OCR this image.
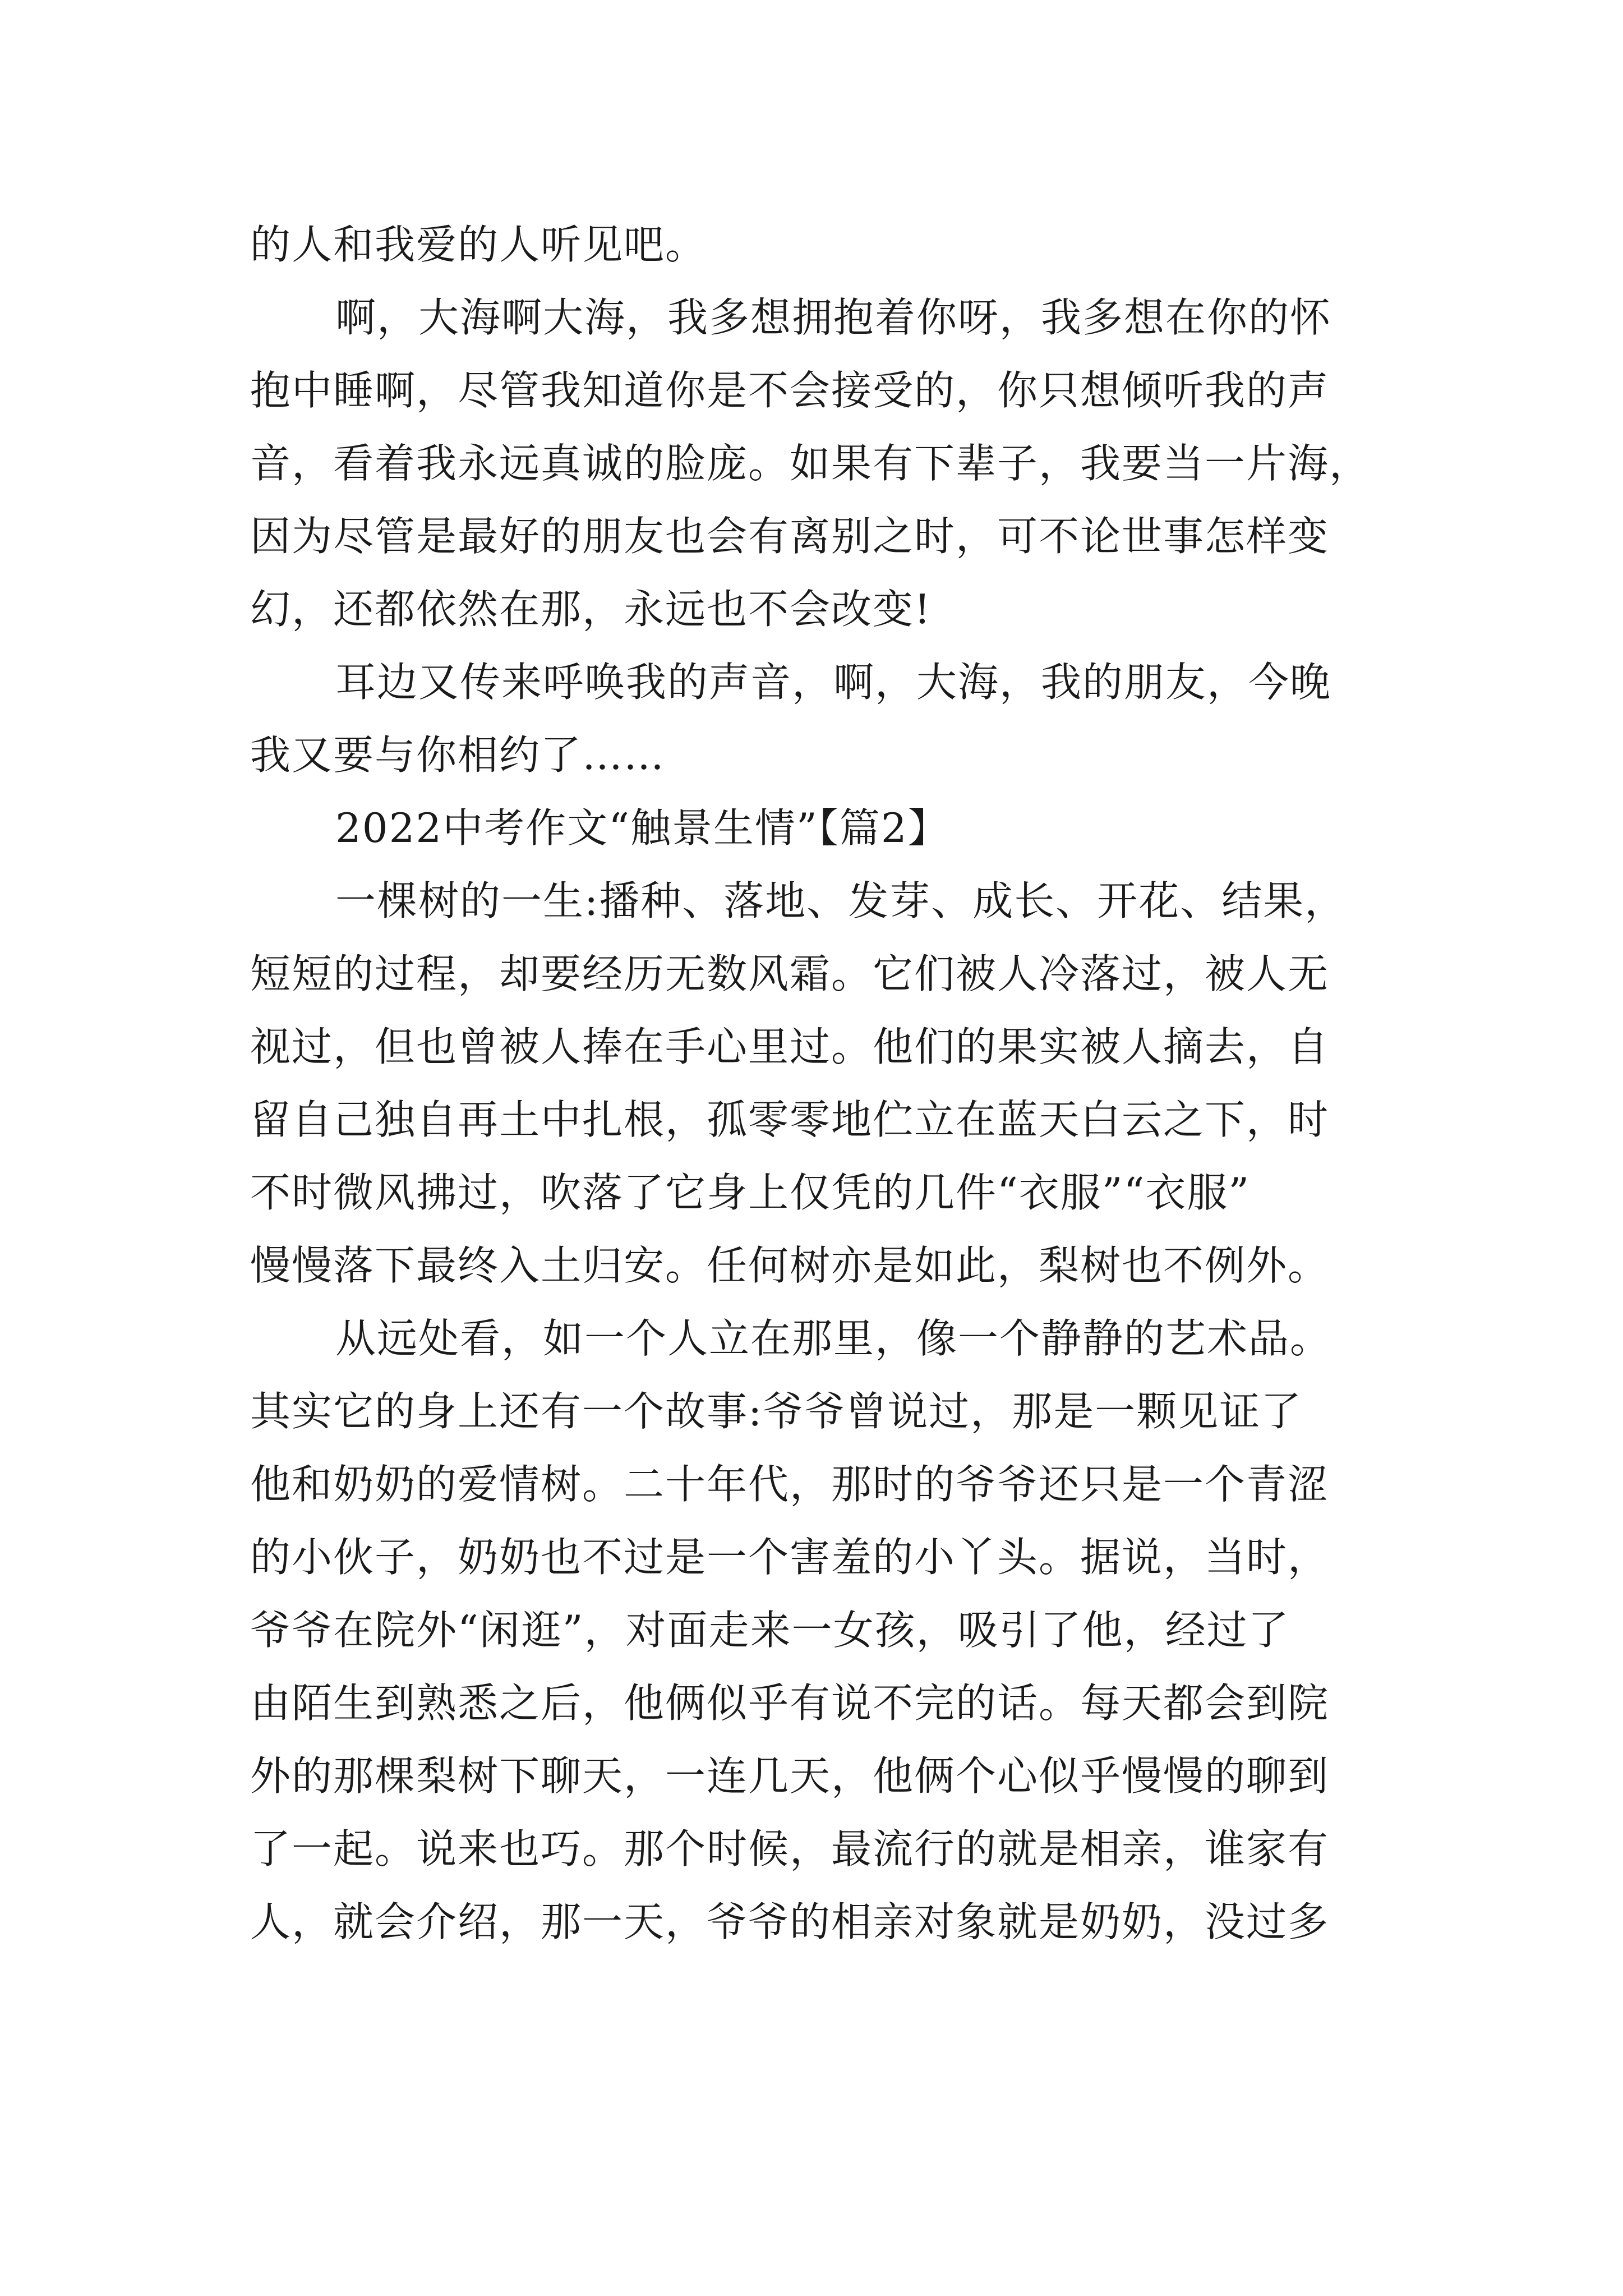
的人和我爱的人听见吧。
啊，大海啊大海，我多想拥抱着你呀，我多想在你的怀
抱中睡啊，尽管我知道你是不会接受的，你只想倾听我的声
音，看着我永远真诚的脸庞。如果有下辈子，我要当一片海，
因为尽管是最好的朋友也会有离别之时，可不论世事怎样变
幻，还都依然在那，永远也不会改变!
耳边又传来呼唤我的声音，啊，大海，我的朋友，今晚
我又要与你相约了……
2022中考作文“触景生情”【篇2】
一棵树的一生:播种、落地、发芽、成长、开花、结果，
短短的过程，却要经历无数风霜。它们被人冷落过，被人无
视过，但也曾被人捧在手心里过。他们的果实被人摘去，自
留自己独自再土中扎根，孤零零地伫立在蓝天白云之下，时
不时微风拂过，吹落了它身上仅凭的几件“衣服”“衣服”
慢慢落下最终入土归安。任何树亦是如此，梨树也不例外。
从远处看，如一个人立在那里，像一个静静的艺术品。
其实它的身上还有一个故事:爷爷曾说过，那是一颗见证了
他和奶奶的爱情树。二十年代，那时的爷爷还只是一个青涩
的小伙子，奶奶也不过是一个害羞的小丫头。据说，当时，
爷爷在院外“闲逛”，对面走来一女孩，吸引了他，经过了
由陌生到熟悉之后，他俩似乎有说不完的话。每天都会到院
外的那棵梨树下聊天，一连几天，他俩个心似乎慢慢的聊到
了一起。说来也巧。那个时候，最流行的就是相亲，谁家有
人，就会介绍，那一天，爷爷的相亲对象就是奶奶，没过多
